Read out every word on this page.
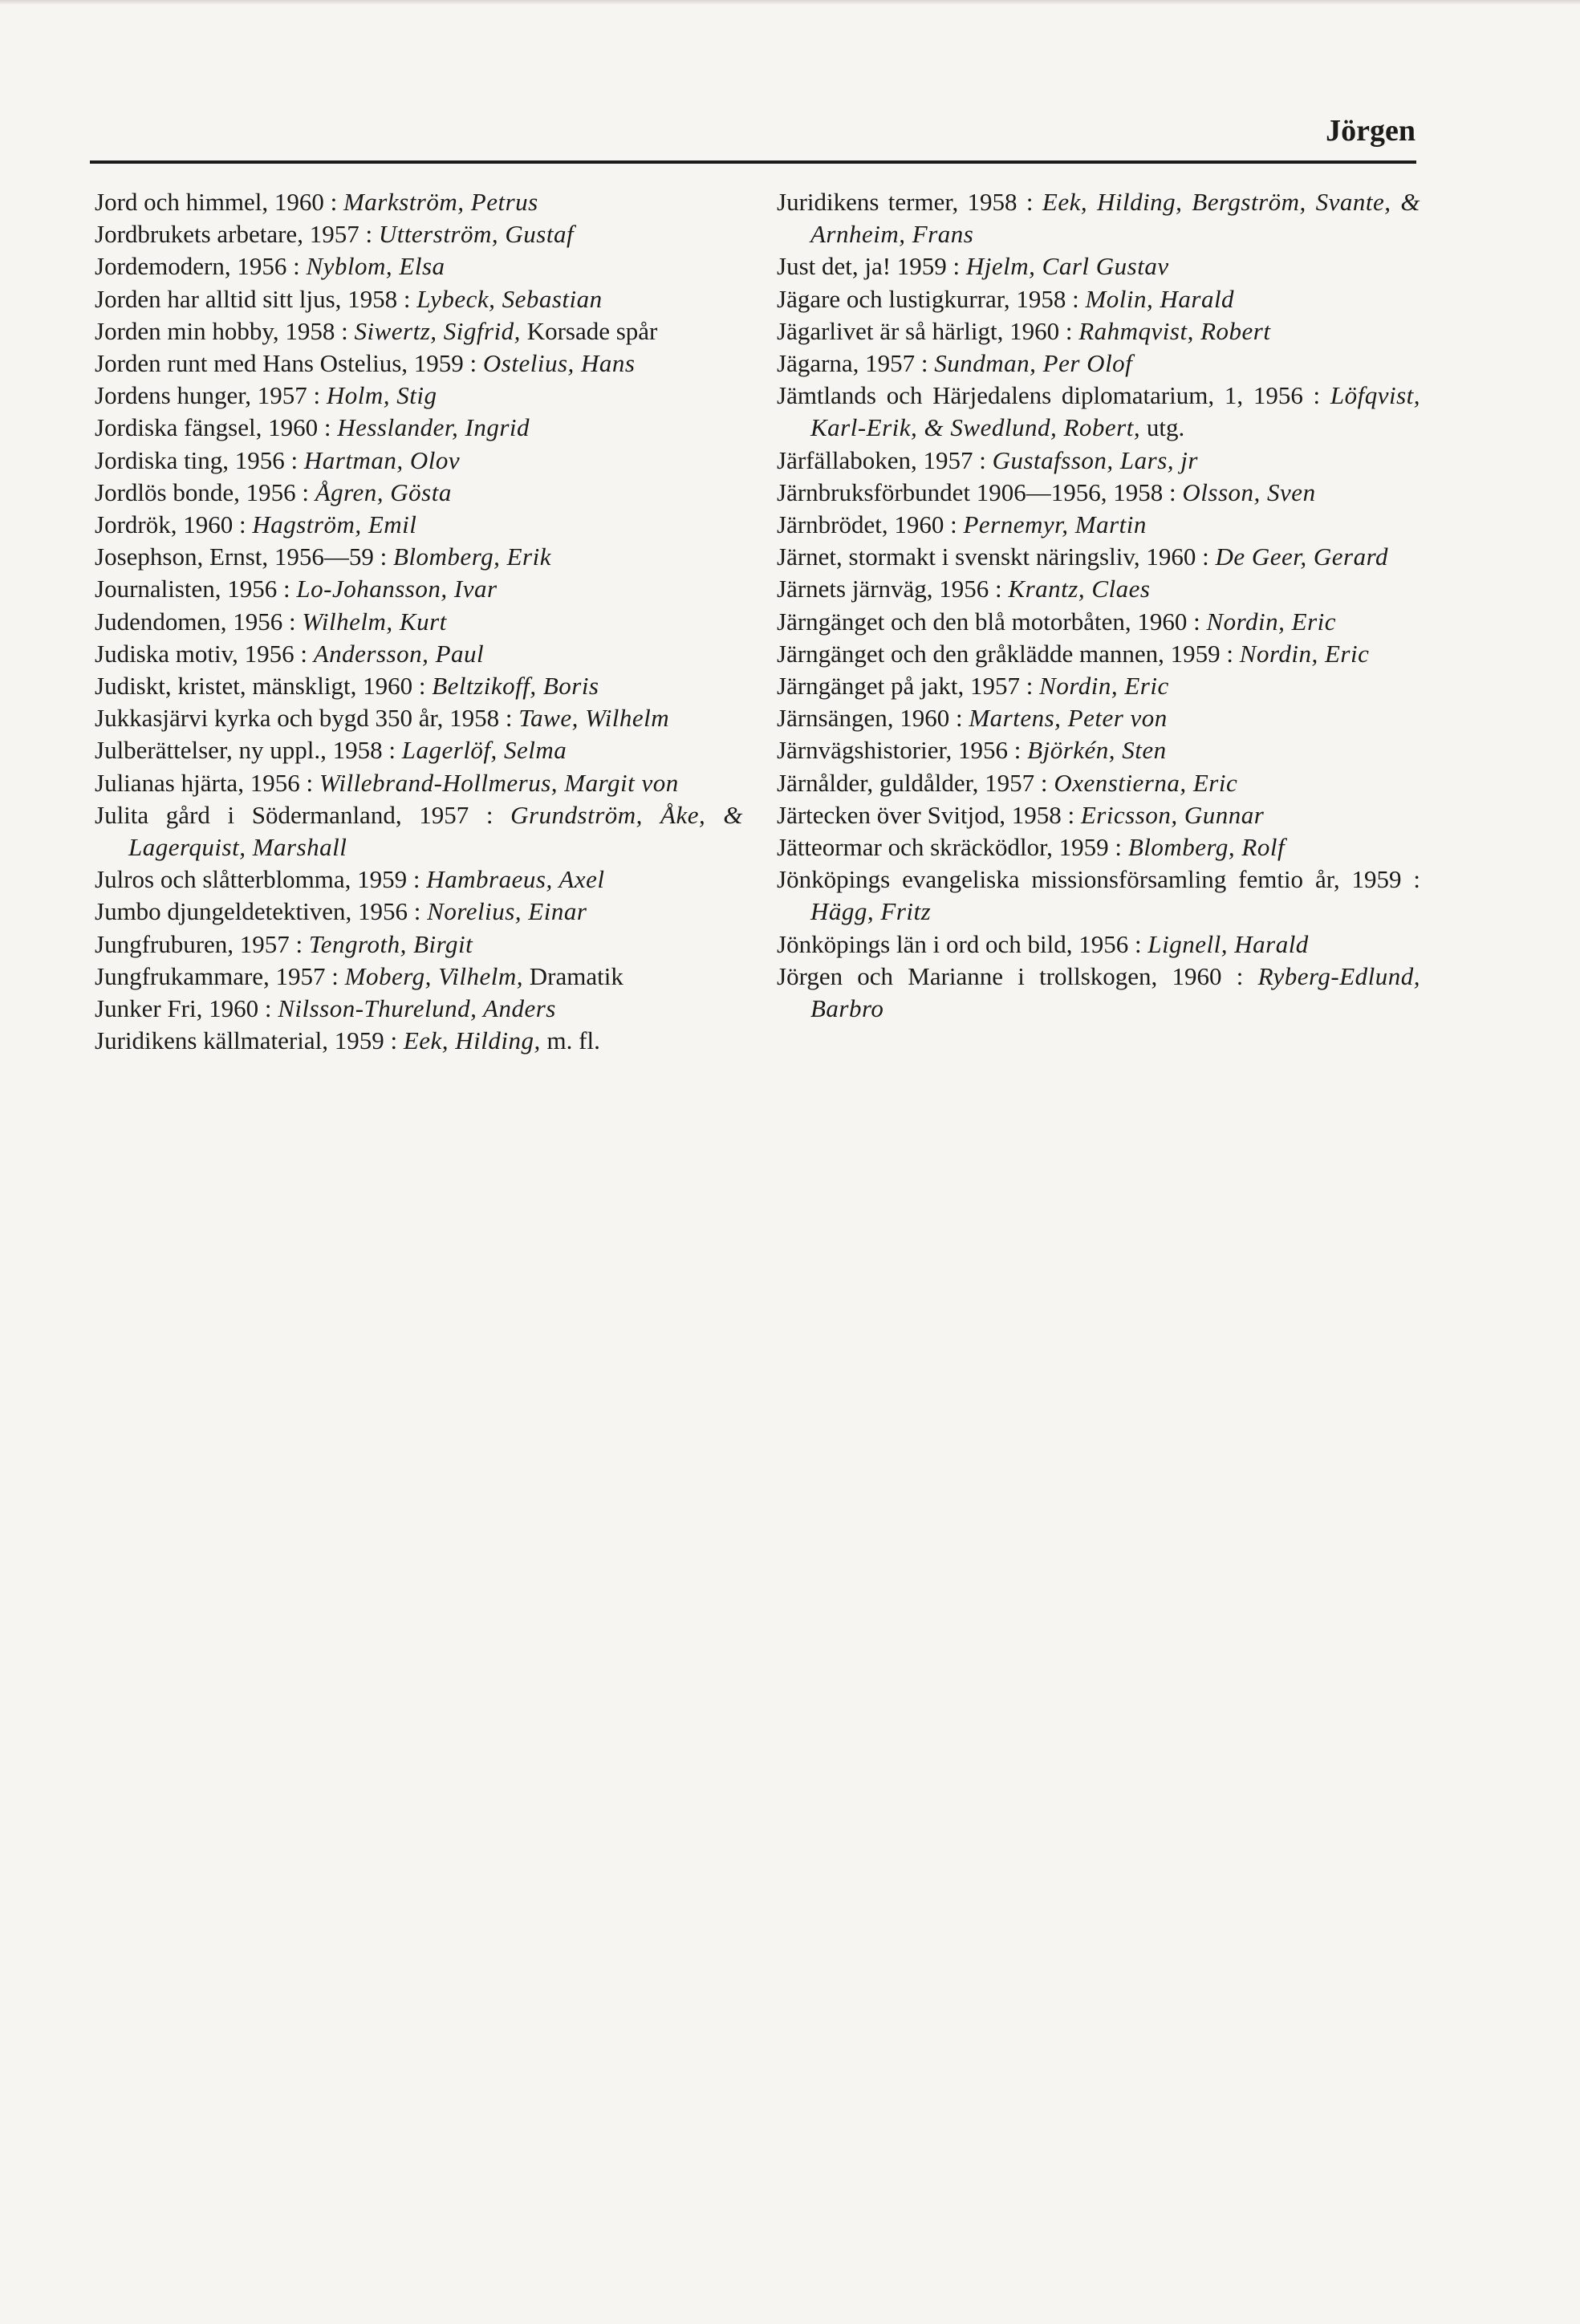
Jörgen
Jord och himmel, 1960 : Markström, Petrus
Jordbrukets arbetare, 1957 : Utterström, Gustaf
Jordemodern, 1956 : Nyblom, Elsa
Jorden har alltid sitt ljus, 1958 : Lybeck, Sebastian
Jorden min hobby, 1958 : Siwertz, Sigfrid, Korsade spår
Jorden runt med Hans Ostelius, 1959 : Ostelius, Hans
Jordens hunger, 1957 : Holm, Stig
Jordiska fängsel, 1960 : Hesslander, Ingrid
Jordiska ting, 1956 : Hartman, Olov
Jordlös bonde, 1956 : Ågren, Gösta
Jordrök, 1960 : Hagström, Emil
Josephson, Ernst, 1956—59 : Blomberg, Erik
Journalisten, 1956 : Lo-Johansson, Ivar
Judendomen, 1956 : Wilhelm, Kurt
Judiska motiv, 1956 : Andersson, Paul
Judiskt, kristet, mänskligt, 1960 : Beltzikoff, Boris
Jukkasjärvi kyrka och bygd 350 år, 1958 : Tawe, Wilhelm
Julberättelser, ny uppl., 1958 : Lagerlöf, Selma
Julianas hjärta, 1956 : Willebrand-Hollmerus, Margit von
Julita gård i Södermanland, 1957 : Grundström, Åke, & Lagerquist, Marshall
Julros och slåtterblomma, 1959 : Hambraeus, Axel
Jumbo djungeldetektiven, 1956 : Norelius, Einar
Jungfruburen, 1957 : Tengroth, Birgit
Jungfrukammare, 1957 : Moberg, Vilhelm, Dramatik
Junker Fri, 1960 : Nilsson-Thurelund, Anders
Juridikens källmaterial, 1959 : Eek, Hilding, m. fl.
Juridikens termer, 1958 : Eek, Hilding, Bergström, Svante, & Arnheim, Frans
Just det, ja! 1959 : Hjelm, Carl Gustav
Jägare och lustigkurrar, 1958 : Molin, Harald
Jägarlivet är så härligt, 1960 : Rahmqvist, Robert
Jägarna, 1957 : Sundman, Per Olof
Jämtlands och Härjedalens diplomatarium, 1, 1956 : Löfqvist, Karl-Erik, & Swedlund, Robert, utg.
Järfällaboken, 1957 : Gustafsson, Lars, jr
Järnbruksförbundet 1906—1956, 1958 : Olsson, Sven
Järnbrödet, 1960 : Pernemyr, Martin
Järnet, stormakt i svenskt näringsliv, 1960 : De Geer, Gerard
Järnets järnväg, 1956 : Krantz, Claes
Järngänget och den blå motorbåten, 1960 : Nordin, Eric
Järngänget och den gråklädde mannen, 1959 : Nordin, Eric
Järngänget på jakt, 1957 : Nordin, Eric
Järnsängen, 1960 : Martens, Peter von
Järnvägshistorier, 1956 : Björkén, Sten
Järnålder, guldålder, 1957 : Oxenstierna, Eric
Järtecken över Svitjod, 1958 : Ericsson, Gunnar
Jätteormar och skräcködlor, 1959 : Blomberg, Rolf
Jönköpings evangeliska missionsförsamling femtio år, 1959 : Hägg, Fritz
Jönköpings län i ord och bild, 1956 : Lignell, Harald
Jörgen och Marianne i trollskogen, 1960 : Ryberg-Edlund, Barbro
